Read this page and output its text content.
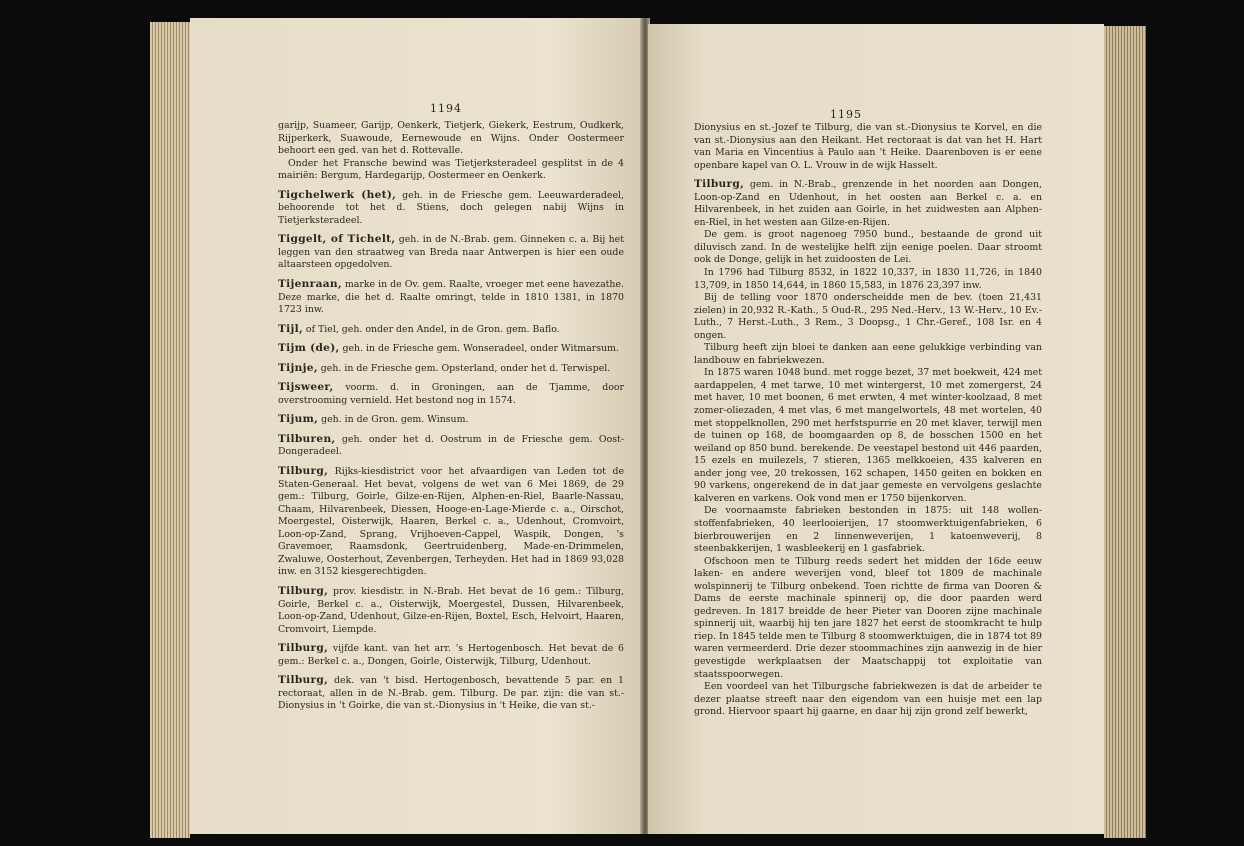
1194

garijp, Suameer, Garijp, Oenkerk, Tietjerk, Giekerk, Eestrum, Oudkerk, Rijperkerk, Suawoude, Eernewoude en Wijns. Onder Oostermeer behoort een ged. van het d. Rottevalle.

Onder het Fransche bewind was Tietjerksteradeel gesplitst in de 4 mairiën: Bergum, Hardegarijp, Oostermeer en Oenkerk.

Tigchelwerk (het), geh. in de Friesche gem. Leeuwarderadeel, behoorende tot het d. Stiens, doch gelegen nabij Wijns in Tietjerksteradeel.

Tiggelt, of Tichelt, geh. in de N.-Brab. gem. Ginneken c. a. Bij het leggen van den straatweg van Breda naar Antwerpen is hier een oude altaarsteen opgedolven.

Tijenraan, marke in de Ov. gem. Raalte, vroeger met eene havezathe. Deze marke, die het d. Raalte omringt, telde in 1810 1381, in 1870 1723 inw.

Tijl, of Tiel, geh. onder den Andel, in de Gron. gem. Baflo.

Tijm (de), geh. in de Friesche gem. Wonseradeel, onder Witmarsum.

Tijnje, geh. in de Friesche gem. Opsterland, onder het d. Terwispel.

Tijsweer, voorm. d. in Groningen, aan de Tjamme, door overstrooming vernield. Het bestond nog in 1574.

Tijum, geh. in de Gron. gem. Winsum.

Tilburen, geh. onder het d. Oostrum in de Friesche gem. Oost-Dongeradeel.

Tilburg, Rijks-kiesdistrict voor het afvaardigen van Leden tot de Staten-Generaal. Het bevat, volgens de wet van 6 Mei 1869, de 29 gem.: Tilburg, Goirle, Gilze-en-Rijen, Alphen-en-Riel, Baarle-Nassau, Chaam, Hilvarenbeek, Diessen, Hooge-en-Lage-Mierde c. a., Oirschot, Moergestel, Oisterwijk, Haaren, Berkel c. a., Udenhout, Cromvoirt, Loon-op-Zand, Sprang, Vrijhoeven-Cappel, Waspik, Dongen, 's Gravemoer, Raamsdonk, Geertruidenberg, Made-en-Drimmelen, Zwaluwe, Oosterhout, Zevenbergen, Terheyden. Het had in 1869 93,028 inw. en 3152 kiesgerechtigden.

Tilburg, prov. kiesdistr. in N.-Brab. Het bevat de 16 gem.: Tilburg, Goirle, Berkel c. a., Oisterwijk, Moergestel, Dussen, Hilvarenbeek, Loon-op-Zand, Udenhout, Gilze-en-Rijen, Boxtel, Esch, Helvoirt, Haaren, Cromvoirt, Liempde.

Tilburg, vijfde kant. van het arr. 's Hertogenbosch. Het bevat de 6 gem.: Berkel c. a., Dongen, Goirle, Oisterwijk, Tilburg, Udenhout.

Tilburg, dek. van 't bisd. Hertogenbosch, bevattende 5 par. en 1 rectoraat, allen in de N.-Brab. gem. Tilburg. De par. zijn: die van st.-Dionysius in 't Goirke, die van st.-Dionysius in 't Heike, die van st.-

1195

Dionysius en st.-Jozef te Tilburg, die van st.-Dionysius te Korvel, en die van st.-Dionysius aan den Heikant. Het rectoraat is dat van het H. Hart van Maria en Vincentius à Paulo aan 't Heike. Daarenboven is er eene openbare kapel van O. L. Vrouw in de wijk Hasselt.

Tilburg, gem. in N.-Brab., grenzende in het noorden aan Dongen, Loon-op-Zand en Udenhout, in het oosten aan Berkel c. a. en Hilvarenbeek, in het zuiden aan Goirle, in het zuidwesten aan Alphen-en-Riel, in het westen aan Gilze-en-Rijen.

De gem. is groot nagenoeg 7950 bund., bestaande de grond uit diluvisch zand. In de westelijke helft zijn eenige poelen. Daar stroomt ook de Donge, gelijk in het zuidoosten de Lei.

In 1796 had Tilburg 8532, in 1822 10,337, in 1830 11,726, in 1840 13,709, in 1850 14,644, in 1860 15,583, in 1876 23,397 inw.

Bij de telling voor 1870 onderscheidde men de bev. (toen 21,431 zielen) in 20,932 R.-Kath., 5 Oud-R., 295 Ned.-Herv., 13 W.-Herv., 10 Ev.-Luth., 7 Herst.-Luth., 3 Rem., 3 Doopsg., 1 Chr.-Geref., 108 Isr. en 4 ongen.

Tilburg heeft zijn bloei te danken aan eene gelukkige verbinding van landbouw en fabriekwezen.

In 1875 waren 1048 bund. met rogge bezet, 37 met boekweit, 424 met aardappelen, 4 met tarwe, 10 met wintergerst, 10 met zomergerst, 24 met haver, 10 met boonen, 6 met erwten, 4 met winter-koolzaad, 8 met zomer-oliezaden, 4 met vlas, 6 met mangelwortels, 48 met wortelen, 40 met stoppelknollen, 290 met herfstspurrie en 20 met klaver, terwijl men de tuinen op 168, de boomgaarden op 8, de bosschen 1500 en het weiland op 850 bund. berekende. De veestapel bestond uit 446 paarden, 15 ezels en muilezels, 7 stieren, 1365 melkkoeien, 435 kalveren en ander jong vee, 20 trekossen, 162 schapen, 1450 geiten en bokken en 90 varkens, ongerekend de in dat jaar gemeste en vervolgens geslachte kalveren en varkens. Ook vond men er 1750 bijenkorven.

De voornaamste fabrieken bestonden in 1875: uit 148 wollen-stoffenfabrieken, 40 leerlooierijen, 17 stoomwerktuigenfabrieken, 6 bierbrouwerijen en 2 linnenweverijen, 1 katoenweverij, 8 steenbakkerijen, 1 wasbleekerij en 1 gasfabriek.

Ofschoon men te Tilburg reeds sedert het midden der 16de eeuw laken- en andere weverijen vond, bleef tot 1809 de machinale wolspinnerij te Tilburg onbekend. Toen richtte de firma van Dooren & Dams de eerste machinale spinnerij op, die door paarden werd gedreven. In 1817 breidde de heer Pieter van Dooren zijne machinale spinnerij uit, waarbij hij ten jare 1827 het eerst de stoomkracht te hulp riep. In 1845 telde men te Tilburg 8 stoomwerktuigen, die in 1874 tot 89 waren vermeerderd. Drie dezer stoommachines zijn aanwezig in de hier gevestigde werkplaatsen der Maatschappij tot exploitatie van staatsspoorwegen.

Een voordeel van het Tilburgsche fabriekwezen is dat de arbeider te dezer plaatse streeft naar den eigendom van een huisje met een lap grond. Hiervoor spaart hij gaarne, en daar hij zijn grond zelf bewerkt,
